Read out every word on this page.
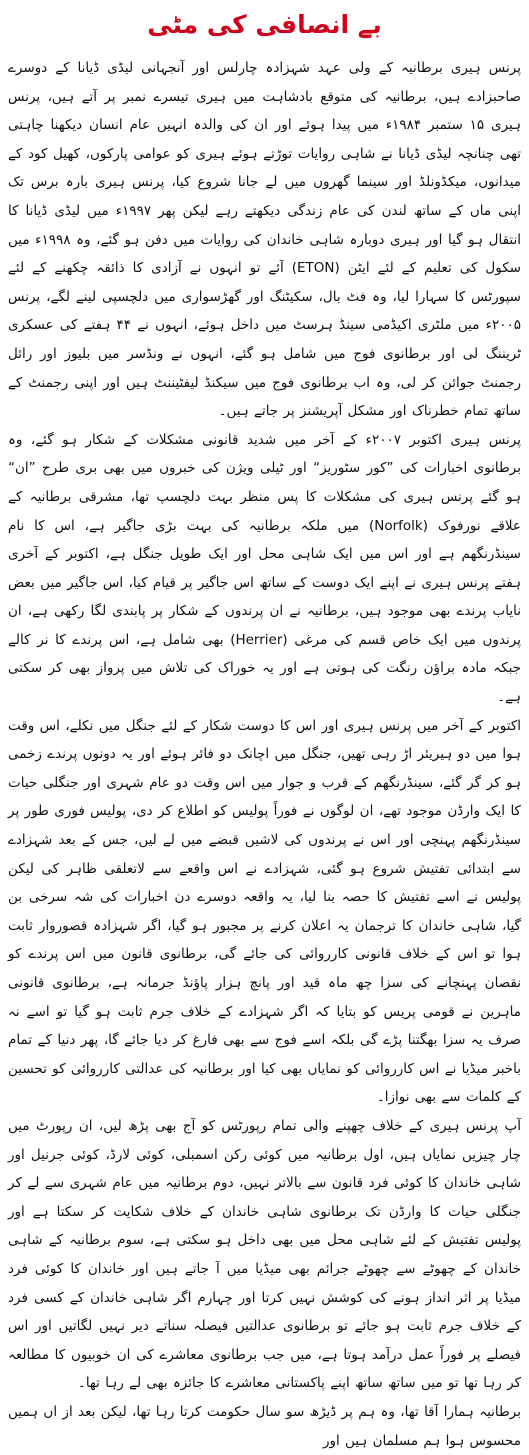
بے انصافی کی مٹی

پرنس ہیری برطانیہ کے ولی عہد شہزادہ چارلس اور آنجہانی لیڈی ڈیانا کے دوسرے صاحبزادے ہیں، برطانیہ کی متوقع بادشاہت میں ہیری تیسرے نمبر پر آتے ہیں، پرنس ہیری ۱۵ ستمبر ۱۹۸۴ء میں پیدا ہوئے اور ان کی والدہ انہیں عام انسان دیکھنا چاہتی تھی چنانچہ لیڈی ڈیانا نے شاہی روایات توڑتے ہوئے ہیری کو عوامی پارکوں، کھیل کود کے میدانوں، میکڈونلڈ اور سینما گھروں میں لے جانا شروع کیا، پرنس ہیری بارہ برس تک اپنی ماں کے ساتھ لندن کی عام زندگی دیکھتے رہے لیکن پھر ۱۹۹۷ء میں لیڈی ڈیانا کا انتقال ہو گیا اور ہیری دوبارہ شاہی خاندان کی روایات میں دفن ہو گئے، وہ ۱۹۹۸ء میں سکول کی تعلیم کے لئے ایٹن (ETON) آئے تو انہوں نے آزادی کا ذائقہ چکھنے کے لئے سپورٹس کا سہارا لیا، وہ فٹ بال، سکیٹنگ اور گھڑسواری میں دلچسپی لینے لگے، پرنس ۲۰۰۵ء میں ملٹری اکیڈمی سینڈ ہرسٹ میں داخل ہوئے، انہوں نے ۴۴ ہفتے کی عسکری ٹریننگ لی اور برطانوی فوج میں شامل ہو گئے، انہوں نے ونڈسر میں بلیوز اور رائل رجمنٹ جوائن کر لی، وہ اب برطانوی فوج میں سیکنڈ لیفٹیننٹ ہیں اور اپنی رجمنٹ کے ساتھ تمام خطرناک اور مشکل آپریشنز پر جاتے ہیں۔

پرنس ہیری اکتوبر ۲۰۰۷ء کے آخر میں شدید قانونی مشکلات کے شکار ہو گئے، وہ برطانوی اخبارات کی ”کور سٹوریز“ اور ٹیلی ویژن کی خبروں میں بھی بری طرح ”ان“ ہو گئے پرنس ہیری کی مشکلات کا پس منظر بہت دلچسپ تھا، مشرقی برطانیہ کے علاقے نورفوک (Norfolk) میں ملکہ برطانیہ کی بہت بڑی جاگیر ہے، اس کا نام سینڈرنگھم ہے اور اس میں ایک شاہی محل اور ایک طویل جنگل ہے، اکتوبر کے آخری ہفتے پرنس ہیری نے اپنے ایک دوست کے ساتھ اس جاگیر پر قیام کیا، اس جاگیر میں بعض نایاب پرندے بھی موجود ہیں، برطانیہ نے ان پرندوں کے شکار پر پابندی لگا رکھی ہے، ان پرندوں میں ایک خاص قسم کی مرغی (Herrier) بھی شامل ہے، اس پرندے کا نر کالے جبکہ مادہ براؤن رنگت کی ہوتی ہے اور یہ خوراک کی تلاش میں پرواز بھی کر سکتی ہے۔

اکتوبر کے آخر میں پرنس ہیری اور اس کا دوست شکار کے لئے جنگل میں نکلے، اس وقت ہوا میں دو ہیریئر اڑ رہی تھیں، جنگل میں اچانک دو فائر ہوئے اور یہ دونوں پرندے زخمی ہو کر گر گئے، سینڈرنگھم کے قرب و جوار میں اس وقت دو عام شہری اور جنگلی حیات کا ایک وارڈن موجود تھے، ان لوگوں نے فوراً پولیس کو اطلاع کر دی، پولیس فوری طور پر سینڈرنگھم پہنچی اور اس نے پرندوں کی لاشیں قبضے میں لے لیں، جس کے بعد شہزادے سے ابتدائی تفتیش شروع ہو گئی، شہزادے نے اس واقعے سے لاتعلقی ظاہر کی لیکن پولیس نے اسے تفتیش کا حصہ بنا لیا، یہ واقعہ دوسرے دن اخبارات کی شہ سرخی بن گیا، شاہی خاندان کا ترجمان یہ اعلان کرنے پر مجبور ہو گیا، اگر شہزادہ قصوروار ثابت ہوا تو اس کے خلاف قانونی کارروائی کی جائے گی، برطانوی قانون میں اس پرندے کو نقصان پہنچانے کی سزا چھ ماہ قید اور پانچ ہزار پاؤنڈ جرمانہ ہے، برطانوی قانونی ماہرین نے قومی پریس کو بتایا کہ اگر شہزادے کے خلاف جرم ثابت ہو گیا تو اسے نہ صرف یہ سزا بھگتنا پڑے گی بلکہ اسے فوج سے بھی فارغ کر دیا جائے گا، پھر دنیا کے تمام باخبر میڈیا نے اس کارروائی کو نمایاں بھی کیا اور برطانیہ کی عدالتی کارروائی کو تحسین کے کلمات سے بھی نوازا۔

آپ پرنس ہیری کے خلاف چھپنے والی تمام رپورٹس کو آج بھی پڑھ لیں، ان رپورٹ میں چار چیزیں نمایاں ہیں، اول برطانیہ میں کوئی رکن اسمبلی، کوئی لارڈ، کوئی جرنیل اور شاہی خاندان کا کوئی فرد قانون سے بالاتر نہیں، دوم برطانیہ میں عام شہری سے لے کر جنگلی حیات کا وارڈن تک برطانوی شاہی خاندان کے خلاف شکایت کر سکتا ہے اور پولیس تفتیش کے لئے شاہی محل میں بھی داخل ہو سکتی ہے، سوم برطانیہ کے شاہی خاندان کے چھوٹے سے چھوٹے جرائم بھی میڈیا میں آ جاتے ہیں اور خاندان کا کوئی فرد میڈیا پر اثر انداز ہونے کی کوشش نہیں کرتا اور چہارم اگر شاہی خاندان کے کسی فرد کے خلاف جرم ثابت ہو جائے تو برطانوی عدالتیں فیصلہ سناتے دیر نہیں لگاتیں اور اس فیصلے پر فوراً عمل درآمد ہوتا ہے، میں جب برطانوی معاشرے کی ان خوبیوں کا مطالعہ کر رہا تھا تو میں ساتھ ساتھ اپنے پاکستانی معاشرے کا جائزہ بھی لے رہا تھا۔

برطانیہ ہمارا آقا تھا، وہ ہم پر ڈیڑھ سو سال حکومت کرتا رہا تھا، لیکن بعد از اں ہمیں محسوس ہوا ہم مسلمان ہیں اور
